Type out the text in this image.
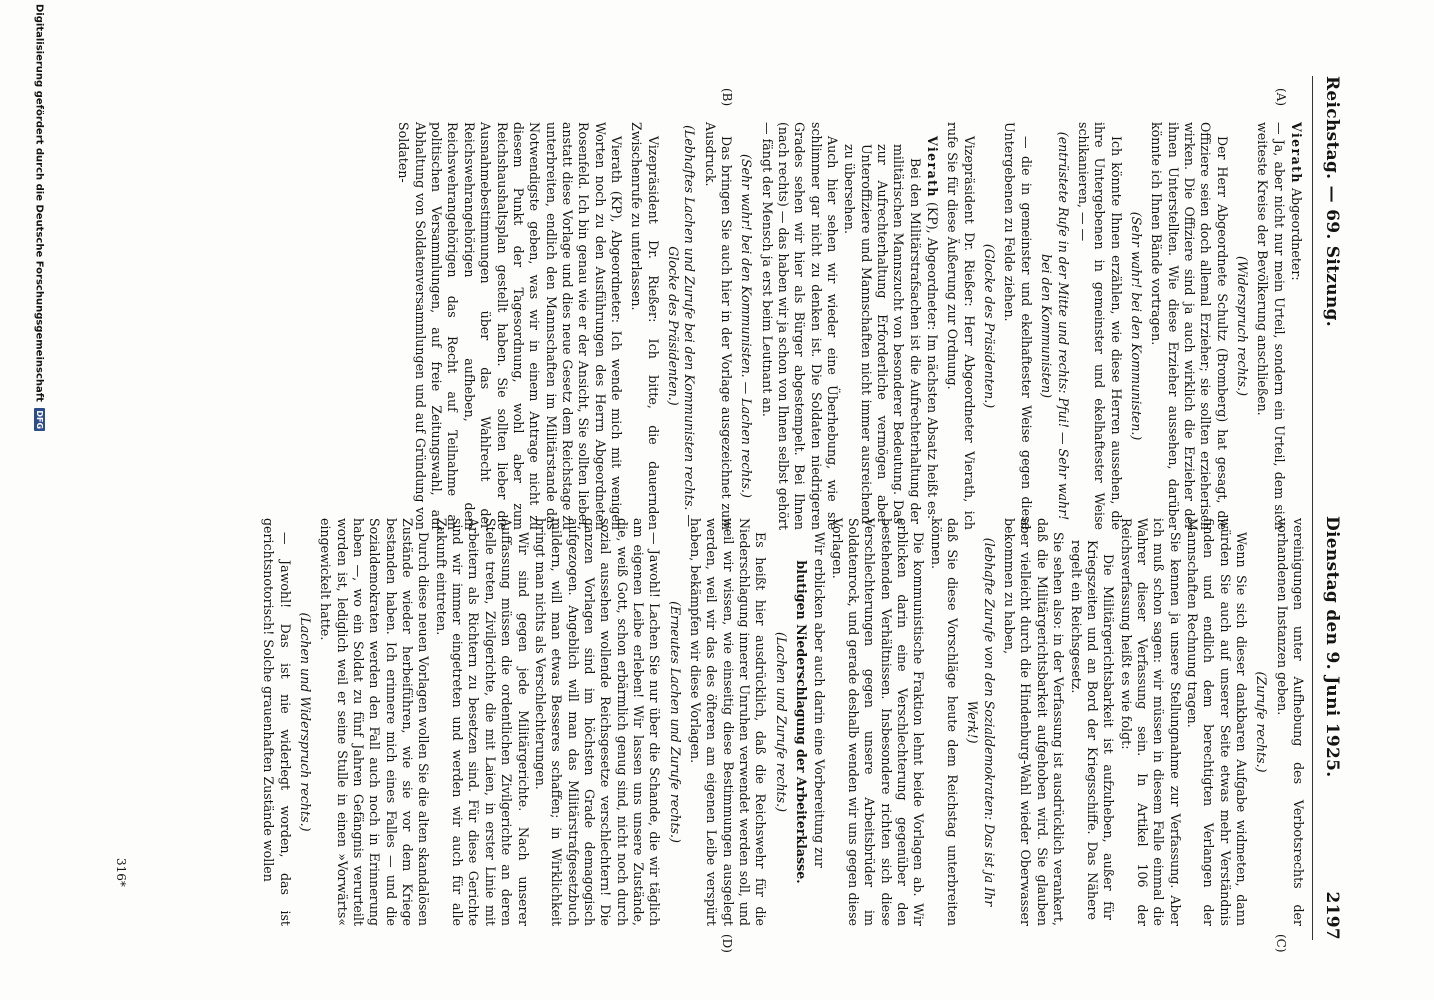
Reichstag. — 69. Sitzung.
Dienstag den 9. Juni 1925.
2197
(A)
(B)
(C)
(D)

Vierath Abgeordneter:

— Ja, aber nicht nur mein Urteil, sondern ein Urteil, dem sich weiteste Kreise der Bevölkerung anschließen.

(Widerspruch rechts.)

Der Herr Abgeordnete Schultz (Bromberg) hat gesagt, die Offiziere seien doch allemal Erzieher; sie sollten erzieherisch wirken. Die Offiziere sind ja auch wirklich die Erzieher der ihnen Unterstellten. Wie diese Erzieher aussehen, darüber könnte ich Ihnen Bände vortragen.

(Sehr wahr! bei den Kommunisten.)

Ich könnte Ihnen erzählen, wie diese Herren aussehen, die ihre Untergebenen in gemeinster und ekelhaftester Weise schikanieren, — —

(entrüstete Rufe in der Mitte und rechts: Pfui! — Sehr wahr! bei den Kommunisten)

— die in gemeinster und ekelhaftester Weise gegen diese Untergebenen zu Felde ziehen.

(Glocke des Präsidenten.)

Vizepräsident Dr. Rießer: Herr Abgeordneter Vierath, ich rufe Sie für diese Äußerung zur Ordnung.

Vierath (KP), Abgeordneter: Im nächsten Absatz heißt es:

Bei den Militärstrafsachen ist die Aufrechterhaltung der militärischen Mannszucht von besonderer Bedeutung. Das zur Aufrechterhaltung Erforderliche vermögen aber Unteroffiziere und Mannschaften nicht immer ausreichend zu übersehen.

Auch hier sehen wir wieder eine Überhebung, wie sie schlimmer gar nicht zu denken ist. Die Soldaten niedrigeren Grades sehen wir hier als Bürger abgestempelt. Bei Ihnen (nach rechts) — das haben wir ja schon von Ihnen selbst gehört — fängt der Mensch ja erst beim Leutnant an.

(Sehr wahr! bei den Kommunisten. — Lachen rechts.)

Das bringen Sie auch hier in der Vorlage ausgezeichnet zum Ausdruck.

(Lebhaftes Lachen und Zurufe bei den Kommunisten rechts. — Glocke des Präsidenten.)

Vizepräsident Dr. Rießer: Ich bitte, die dauernden Zwischenrufe zu unterlassen.

Vierath (KP), Abgeordneter: Ich wende mich mit wenigen Worten noch zu den Ausführungen des Herrn Abgeordneten Rosenfeld. Ich bin genau wie er der Ansicht, Sie sollten lieber, anstatt diese Vorlage und dies neue Gesetz dem Reichstage zu unterbreiten, endlich den Mannschaften im Militärstande das Notwendigste geben, was wir in einem Antrage nicht zu diesem Punkt der Tagesordnung, wohl aber zum Reichshaushaltsplan gestellt haben. Sie sollten lieber die Ausnahmebestimmungen über das Wahlrecht der Reichswehrangehörigen aufheben, dem Reichswehrangehörigen das Recht auf Teilnahme an politischen Versammlungen, auf freie Zeitungswahl, auf Abhaltung von Soldatenversammlungen und auf Gründung von Soldaten-

vereinigungen unter Aufhebung des Verbotsrechts der vorhandenen Instanzen geben.

(Zurufe rechts.)

Wenn Sie sich dieser dankbaren Aufgabe widmeten, dann würden Sie auch auf unserer Seite etwas mehr Verständnis finden und endlich dem berechtigten Verlangen der Mannschaften Rechnung tragen.

Sie kennen ja unsere Stellungnahme zur Verfassung. Aber ich muß schon sagen: wir müssen in diesem Falle einmal die Wahrer dieser Verfassung sein. In Artikel 106 der Reichsverfassung heißt es wie folgt:

Die Militärgerichtsbarkeit ist aufzuheben, außer für Kriegszeiten und an Bord der Kriegsschiffe. Das Nähere regelt ein Reichsgesetz.

Sie sehen also: in der Verfassung ist ausdrücklich verankert, daß die Militärgerichtsbarkeit aufgehoben wird. Sie glauben aber vielleicht durch die Hindenburg-Wahl wieder Oberwasser bekommen zu haben,

(lebhafte Zurufe von den Sozialdemokraten: Das ist ja Ihr Werk!)

daß Sie diese Vorschläge heute dem Reichstag unterbreiten können.

Die kommunistische Fraktion lehnt beide Vorlagen ab. Wir erblicken darin eine Verschlechterung gegenüber den bestehenden Verhältnissen. Insbesondere richten sich diese Verschlechterungen gegen unsere Arbeitsbrüder im Soldatenrock, und gerade deshalb wenden wir uns gegen diese Vorlagen.

Wir erblicken aber auch darin eine Vorbereitung zur

blutigen Niederschlagung der Arbeiterklasse.

(Lachen und Zurufe rechts.)

Es heißt hier ausdrücklich, daß die Reichswehr für die Niederschlagung innerer Unruhen verwendet werden soll, und weil wir wissen, wie einseitig diese Bestimmungen ausgelegt werden, weil wir das des öfteren am eigenen Leibe verspürt haben, bekämpfen wir diese Vorlagen.

(Erneutes Lachen und Zurufe rechts.)

— Jawohl! Lachen Sie nur über die Schande, die wir täglich am eigenen Leibe erleben! Wir lassen uns unsere Zustände, die, weiß Gott, schon erbärmlich genug sind, nicht noch durch sozial aussehen wollende Reichsgesetze verschlechtern! Die ganzen Vorlagen sind im höchsten Grade demagogisch aufgezogen. Angeblich will man das Militärstrafgesetzbuch mildern, will man etwas Besseres schaffen; in Wirklichkeit bringt man nichts als Verschlechterungen.

Wir sind gegen jede Militärgerichte. Nach unserer Auffassung müssen die ordentlichen Zivilgerichte an deren Stelle treten, Zivilgerichte, die mit Laien, in erster Linie mit Arbeitern als Richtern zu besetzen sind. Für diese Gerichte sind wir immer eingetreten und werden wir auch für alle Zukunft eintreten.

Durch diese neuen Vorlagen wollen Sie die alten skandalösen Zustände wieder herbeiführen, wie sie vor dem Kriege bestanden haben. Ich erinnere mich eines Falles — und die Sozialdemokraten werden den Fall auch noch in Erinnerung haben —, wo ein Soldat zu fünf Jahren Gefängnis verurteilt worden ist, lediglich weil er seine Stulle in einen »Vorwärts« eingewickelt hatte.

(Lachen und Widerspruch rechts.)

— Jawohl! Das ist nie widerlegt worden, das ist gerichtsnotorisch! Solche grauenhaften Zustände wollen

316*
Digitalisierung gefördert durch die Deutsche Forschungsgemeinschaft DFG
